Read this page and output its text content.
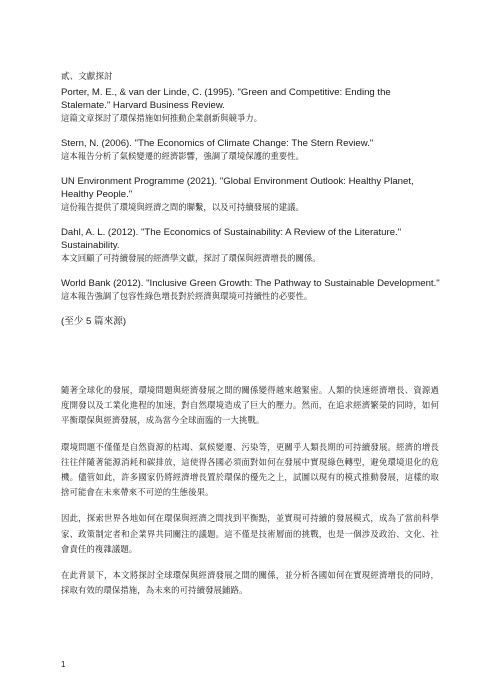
貳、文獻探討

Porter, M. E., & van der Linde, C. (1995). "Green and Competitive: Ending the Stalemate." Harvard Business Review.

這篇文章探討了環保措施如何推動企業創新與競爭力。

Stern, N. (2006). "The Economics of Climate Change: The Stern Review."

這本報告分析了氣候變遷的經濟影響，強調了環境保護的重要性。

UN Environment Programme (2021). "Global Environment Outlook: Healthy Planet, Healthy People."

這份報告提供了環境與經濟之間的聯繫，以及可持續發展的建議。

Dahl, A. L. (2012). "The Economics of Sustainability: A Review of the Literature." Sustainability.

本文回顧了可持續發展的經濟學文獻，探討了環保與經濟增長的關係。

World Bank (2012). "Inclusive Green Growth: The Pathway to Sustainable Development."

這本報告強調了包容性綠色增長對於經濟與環境可持續性的必要性。

(至少 5 篇來源)

隨著全球化的發展，環境問題與經濟發展之間的關係變得越來越緊密。人類的快速經濟增長、資源過度開發以及工業化進程的加速，對自然環境造成了巨大的壓力。然而，在追求經濟繁榮的同時，如何平衡環保與經濟發展，成為當今全球面臨的一大挑戰。

環境問題不僅僅是自然資源的枯竭、氣候變遷、污染等，更關乎人類長期的可持續發展。經濟的增長往往伴隨著能源消耗和碳排放，這使得各國必須面對如何在發展中實現綠色轉型，避免環境退化的危機。儘管如此，許多國家仍將經濟增長置於環保的優先之上，試圖以現有的模式推動發展，這樣的取捨可能會在未來帶來不可逆的生態後果。

因此，探索世界各地如何在環保與經濟之間找到平衡點，並實現可持續的發展模式，成為了當前科學家、政策制定者和企業界共同關注的議題。這不僅是技術層面的挑戰，也是一個涉及政治、文化、社會責任的複雜議題。

在此背景下，本文將探討全球環保與經濟發展之間的關係，並分析各國如何在實現經濟增長的同時，採取有效的環保措施，為未來的可持續發展鋪路。

1
